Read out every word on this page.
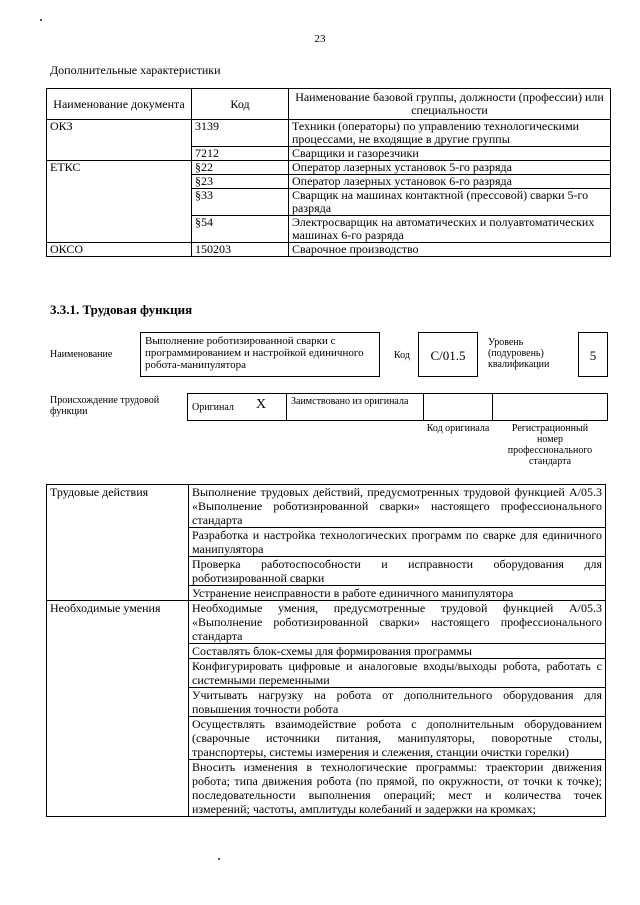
23
Дополнительные характеристики
Наименование документа	Код	Наименование базовой группы, должности (профессии) или специальности
ОКЗ	3139	Техники (операторы) по управлению технологическими процессами, не входящие в другие группы
	7212	Сварщики и газорезчики
ЕТКС	§22	Оператор лазерных установок 5-го разряда
	§23	Оператор лазерных установок 6-го разряда
	§33	Сварщик на машинах контактной (прессовой) сварки 5-го разряда
	§54	Электросварщик на автоматических и полуавтоматических машинах 6-го разряда
ОКСО	150203	Сварочное производство
3.3.1. Трудовая функция
Наименование
Выполнение роботизированной сварки с программированием и настройкой единичного робота-манипулятора
Код	C/01.5
Уровень (подуровень) квалификации
5
Происхождение трудовой функции	Оригинал X	Заимствовано из оригинала
Код оригинала	Регистрационный номер профессионального стандарта
Трудовые действия	Выполнение трудовых действий, предусмотренных трудовой функцией А/05.3 «Выполнение роботизированной сварки» настоящего профессионального стандарта
	Разработка и настройка технологических программ по сварке для единичного манипулятора
	Проверка работоспособности и исправности оборудования для роботизированной сварки
	Устранение неисправности в работе единичного манипулятора
Необходимые умения	Необходимые умения, предусмотренные трудовой функцией А/05.3 «Выполнение роботизированной сварки» настоящего профессионального стандарта
	Составлять блок-схемы для формирования программы
	Конфигурировать цифровые и аналоговые входы/выходы робота, работать с системными переменными
	Учитывать нагрузку на робота от дополнительного оборудования для повышения точности робота
	Осуществлять взаимодействие робота с дополнительным оборудованием (сварочные источники питания, манипуляторы, поворотные столы, транспортеры, системы измерения и слежения, станции очистки горелки)
	Вносить изменения в технологические программы: траектории движения робота; типа движения робота (по прямой, по окружности, от точки к точке); последовательности выполнения операций; мест и количества точек измерений; частоты, амплитуды колебаний и задержки на кромках;
